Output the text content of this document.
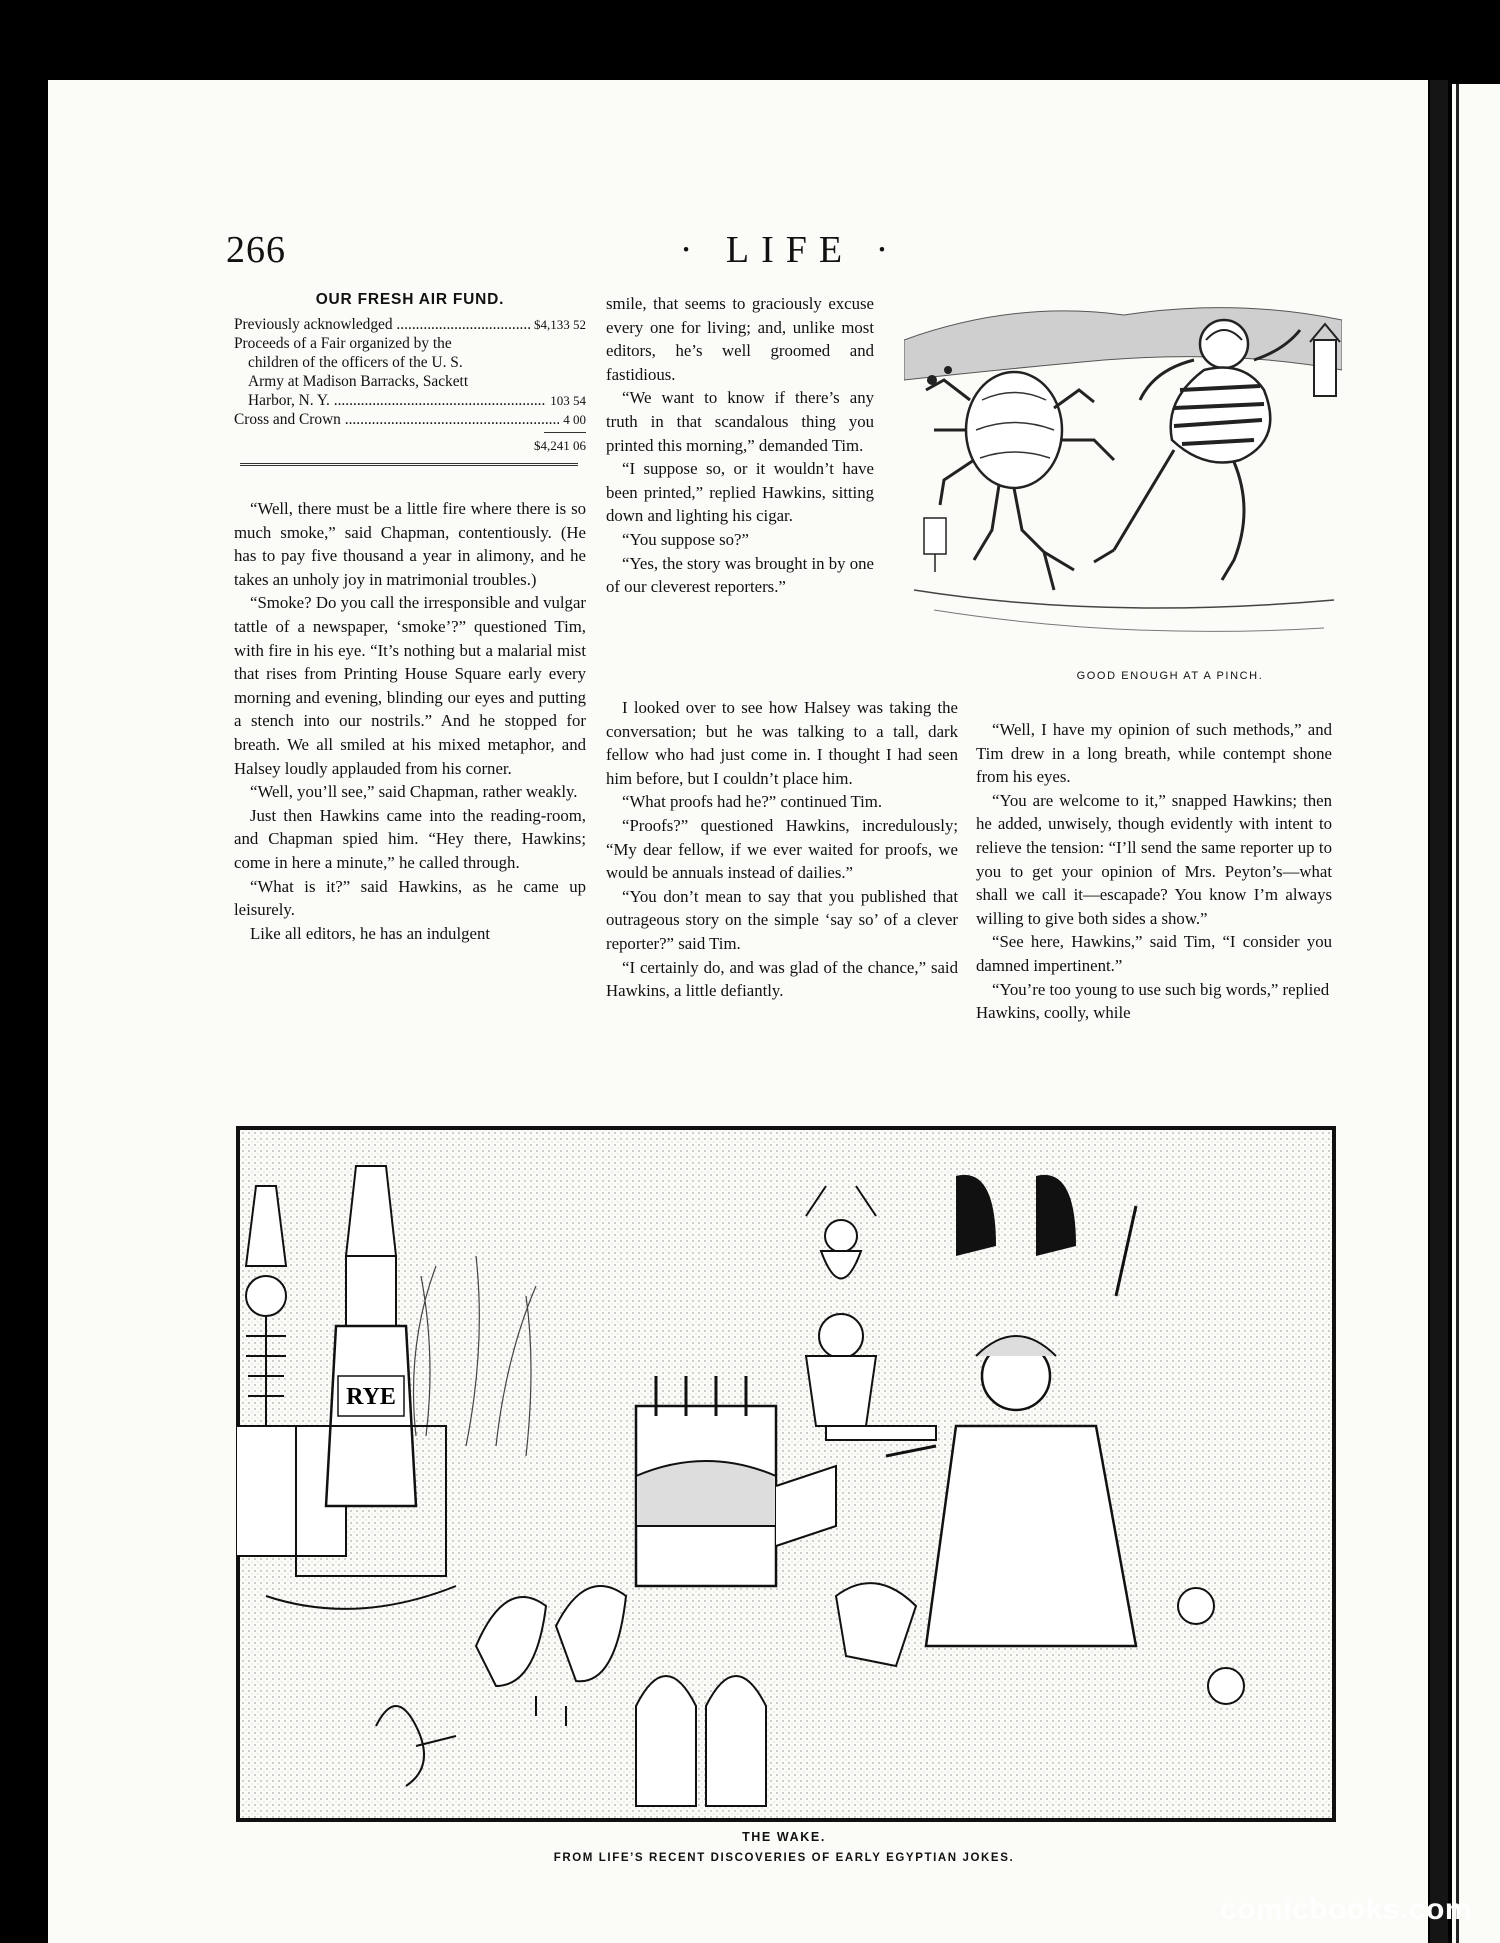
266	· LIFE ·
OUR FRESH AIR FUND.
Previously acknowledged .....	$4,133 52
Proceeds of a Fair organized by the
children of the officers of the U. S.
Army at Madison Barracks, Sackett
Harbor, N. Y. .....	103 54
Cross and Crown .....	4 00
$4,241 06

“Well, there must be a little fire where there is so much smoke,” said Chapman, contentiously. (He has to pay five thousand a year in alimony, and he takes an unholy joy in matrimonial troubles.)

“Smoke? Do you call the irresponsible and vulgar tattle of a newspaper, ‘smoke’?” questioned Tim, with fire in his eye. “It’s nothing but a malarial mist that rises from Printing House Square early every morning and evening, blinding our eyes and putting a stench into our nostrils.” And he stopped for breath. We all smiled at his mixed metaphor, and Halsey loudly applauded from his corner.

“Well, you’ll see,” said Chapman, rather weakly.

Just then Hawkins came into the reading-room, and Chapman spied him. “Hey there, Hawkins; come in here a minute,” he called through.

“What is it?” said Hawkins, as he came up leisurely.

Like all editors, he has an indulgent

smile, that seems to graciously excuse every one for living; and, unlike most editors, he’s well groomed and fastidious.

“We want to know if there’s any truth in that scandalous thing you printed this morning,” demanded Tim.

“I suppose so, or it wouldn’t have been printed,” replied Hawkins, sitting down and lighting his cigar.

“You suppose so?”

“Yes, the story was brought in by one of our cleverest reporters.”

I looked over to see how Halsey was taking the conversation; but he was talking to a tall, dark fellow who had just come in. I thought I had seen him before, but I couldn’t place him.

“What proofs had he?” continued Tim.

“Proofs?” questioned Hawkins, incredulously; “My dear fellow, if we ever waited for proofs, we would be annuals instead of dailies.”

“You don’t mean to say that you published that outrageous story on the simple ‘say so’ of a clever reporter?” said Tim.

“I certainly do, and was glad of the chance,” said Hawkins, a little defiantly.

“Well, I have my opinion of such methods,” and Tim drew in a long breath, while contempt shone from his eyes.

“You are welcome to it,” snapped Hawkins; then he added, unwisely, though evidently with intent to relieve the tension: “I’ll send the same reporter up to you to get your opinion of Mrs. Peyton’s—what shall we call it—escapade? You know I’m always willing to give both sides a show.”

“See here, Hawkins,” said Tim, “I consider you damned impertinent.”

“You’re too young to use such big words,” replied Hawkins, coolly, while

GOOD ENOUGH AT A PINCH.
RYE
THE WAKE.
FROM LIFE’S RECENT DISCOVERIES OF EARLY EGYPTIAN JOKES.
comicbooks.com
